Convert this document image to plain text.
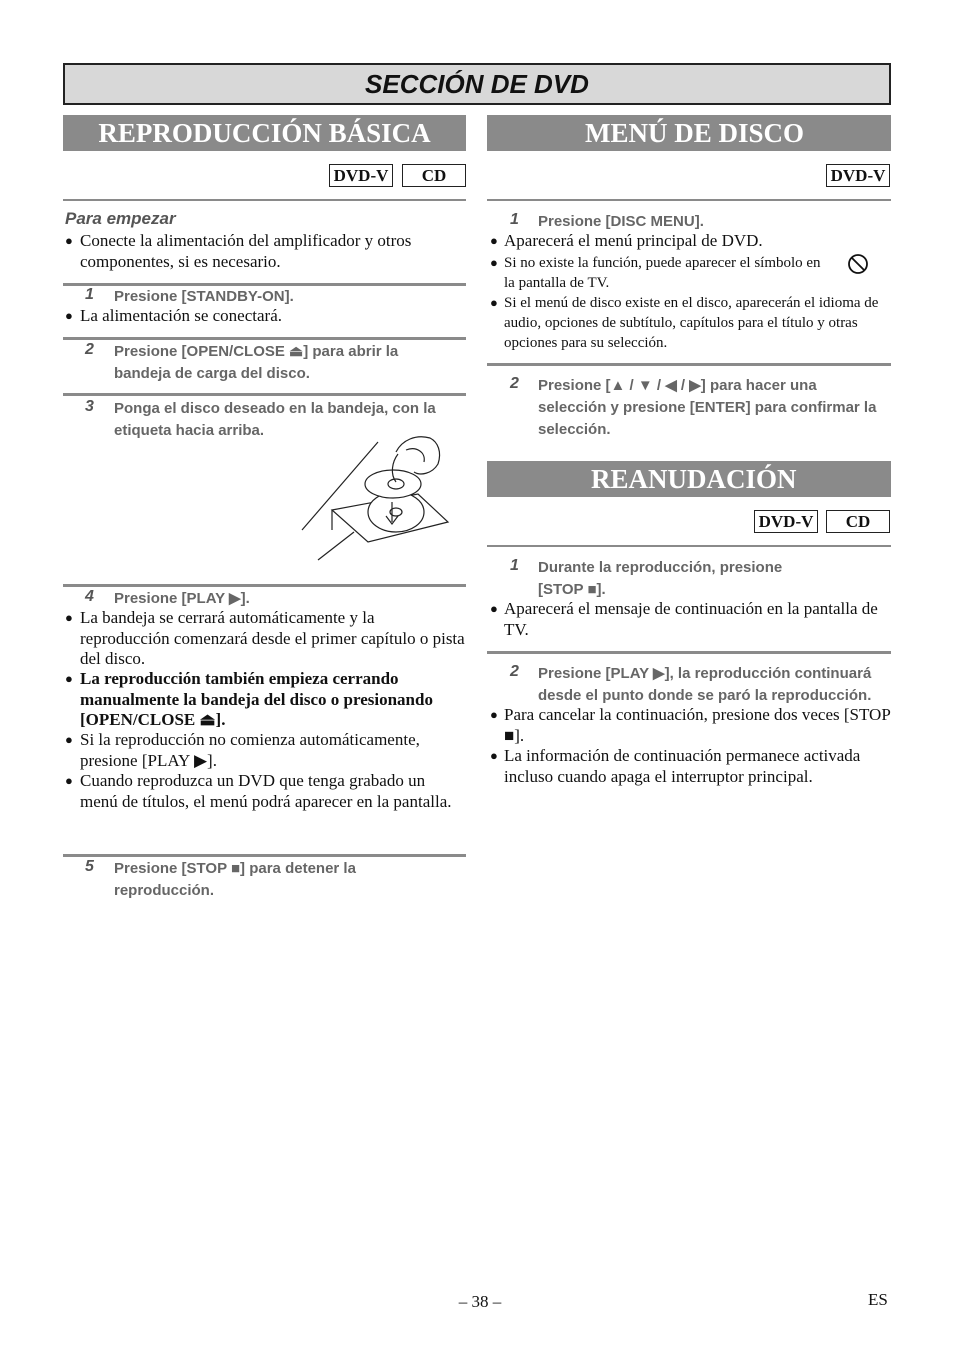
SECCIÓN DE DVD
REPRODUCCIÓN BÁSICA
DVD-V	CD
Para empezar
● Conecte la alimentación del amplificador y otros componentes, si es necesario.
1 Presione [STANDBY-ON].
● La alimentación se conectará.
2 Presione [OPEN/CLOSE ⏏] para abrir la bandeja de carga del disco.
3 Ponga el disco deseado en la bandeja, con la etiqueta hacia arriba.
4 Presione [PLAY ▶].
● La bandeja se cerrará automáticamente y la reproducción comenzará desde el primer capítulo o pista del disco.
● La reproducción también empieza cerrando manualmente la bandeja del disco o presionando [OPEN/CLOSE ⏏].
● Si la reproducción no comienza automáticamente, presione [PLAY ▶].
● Cuando reproduzca un DVD que tenga grabado un menú de títulos, el menú podrá aparecer en la pantalla.
5 Presione [STOP ■] para detener la reproducción.
MENÚ DE DISCO
DVD-V
1 Presione [DISC MENU].
● Aparecerá el menú principal de DVD.
● Si no existe la función, puede aparecer el símbolo en la pantalla de TV.
● Si el menú de disco existe en el disco, aparecerán el idioma de audio, opciones de subtítulo, capítulos para el título y otras opciones para su selección.
2 Presione [▲ / ▼ / ◀ / ▶] para hacer una selección y presione [ENTER] para confirmar la selección.
REANUDACIÓN
DVD-V	CD
1 Durante la reproducción, presione [STOP ■].
● Aparecerá el mensaje de continuación en la pantalla de TV.
2 Presione [PLAY ▶], la reproducción continuará desde el punto donde se paró la reproducción.
● Para cancelar la continuación, presione dos veces [STOP ■].
● La información de continuación permanece activada incluso cuando apaga el interruptor principal.
– 38 –	ES
